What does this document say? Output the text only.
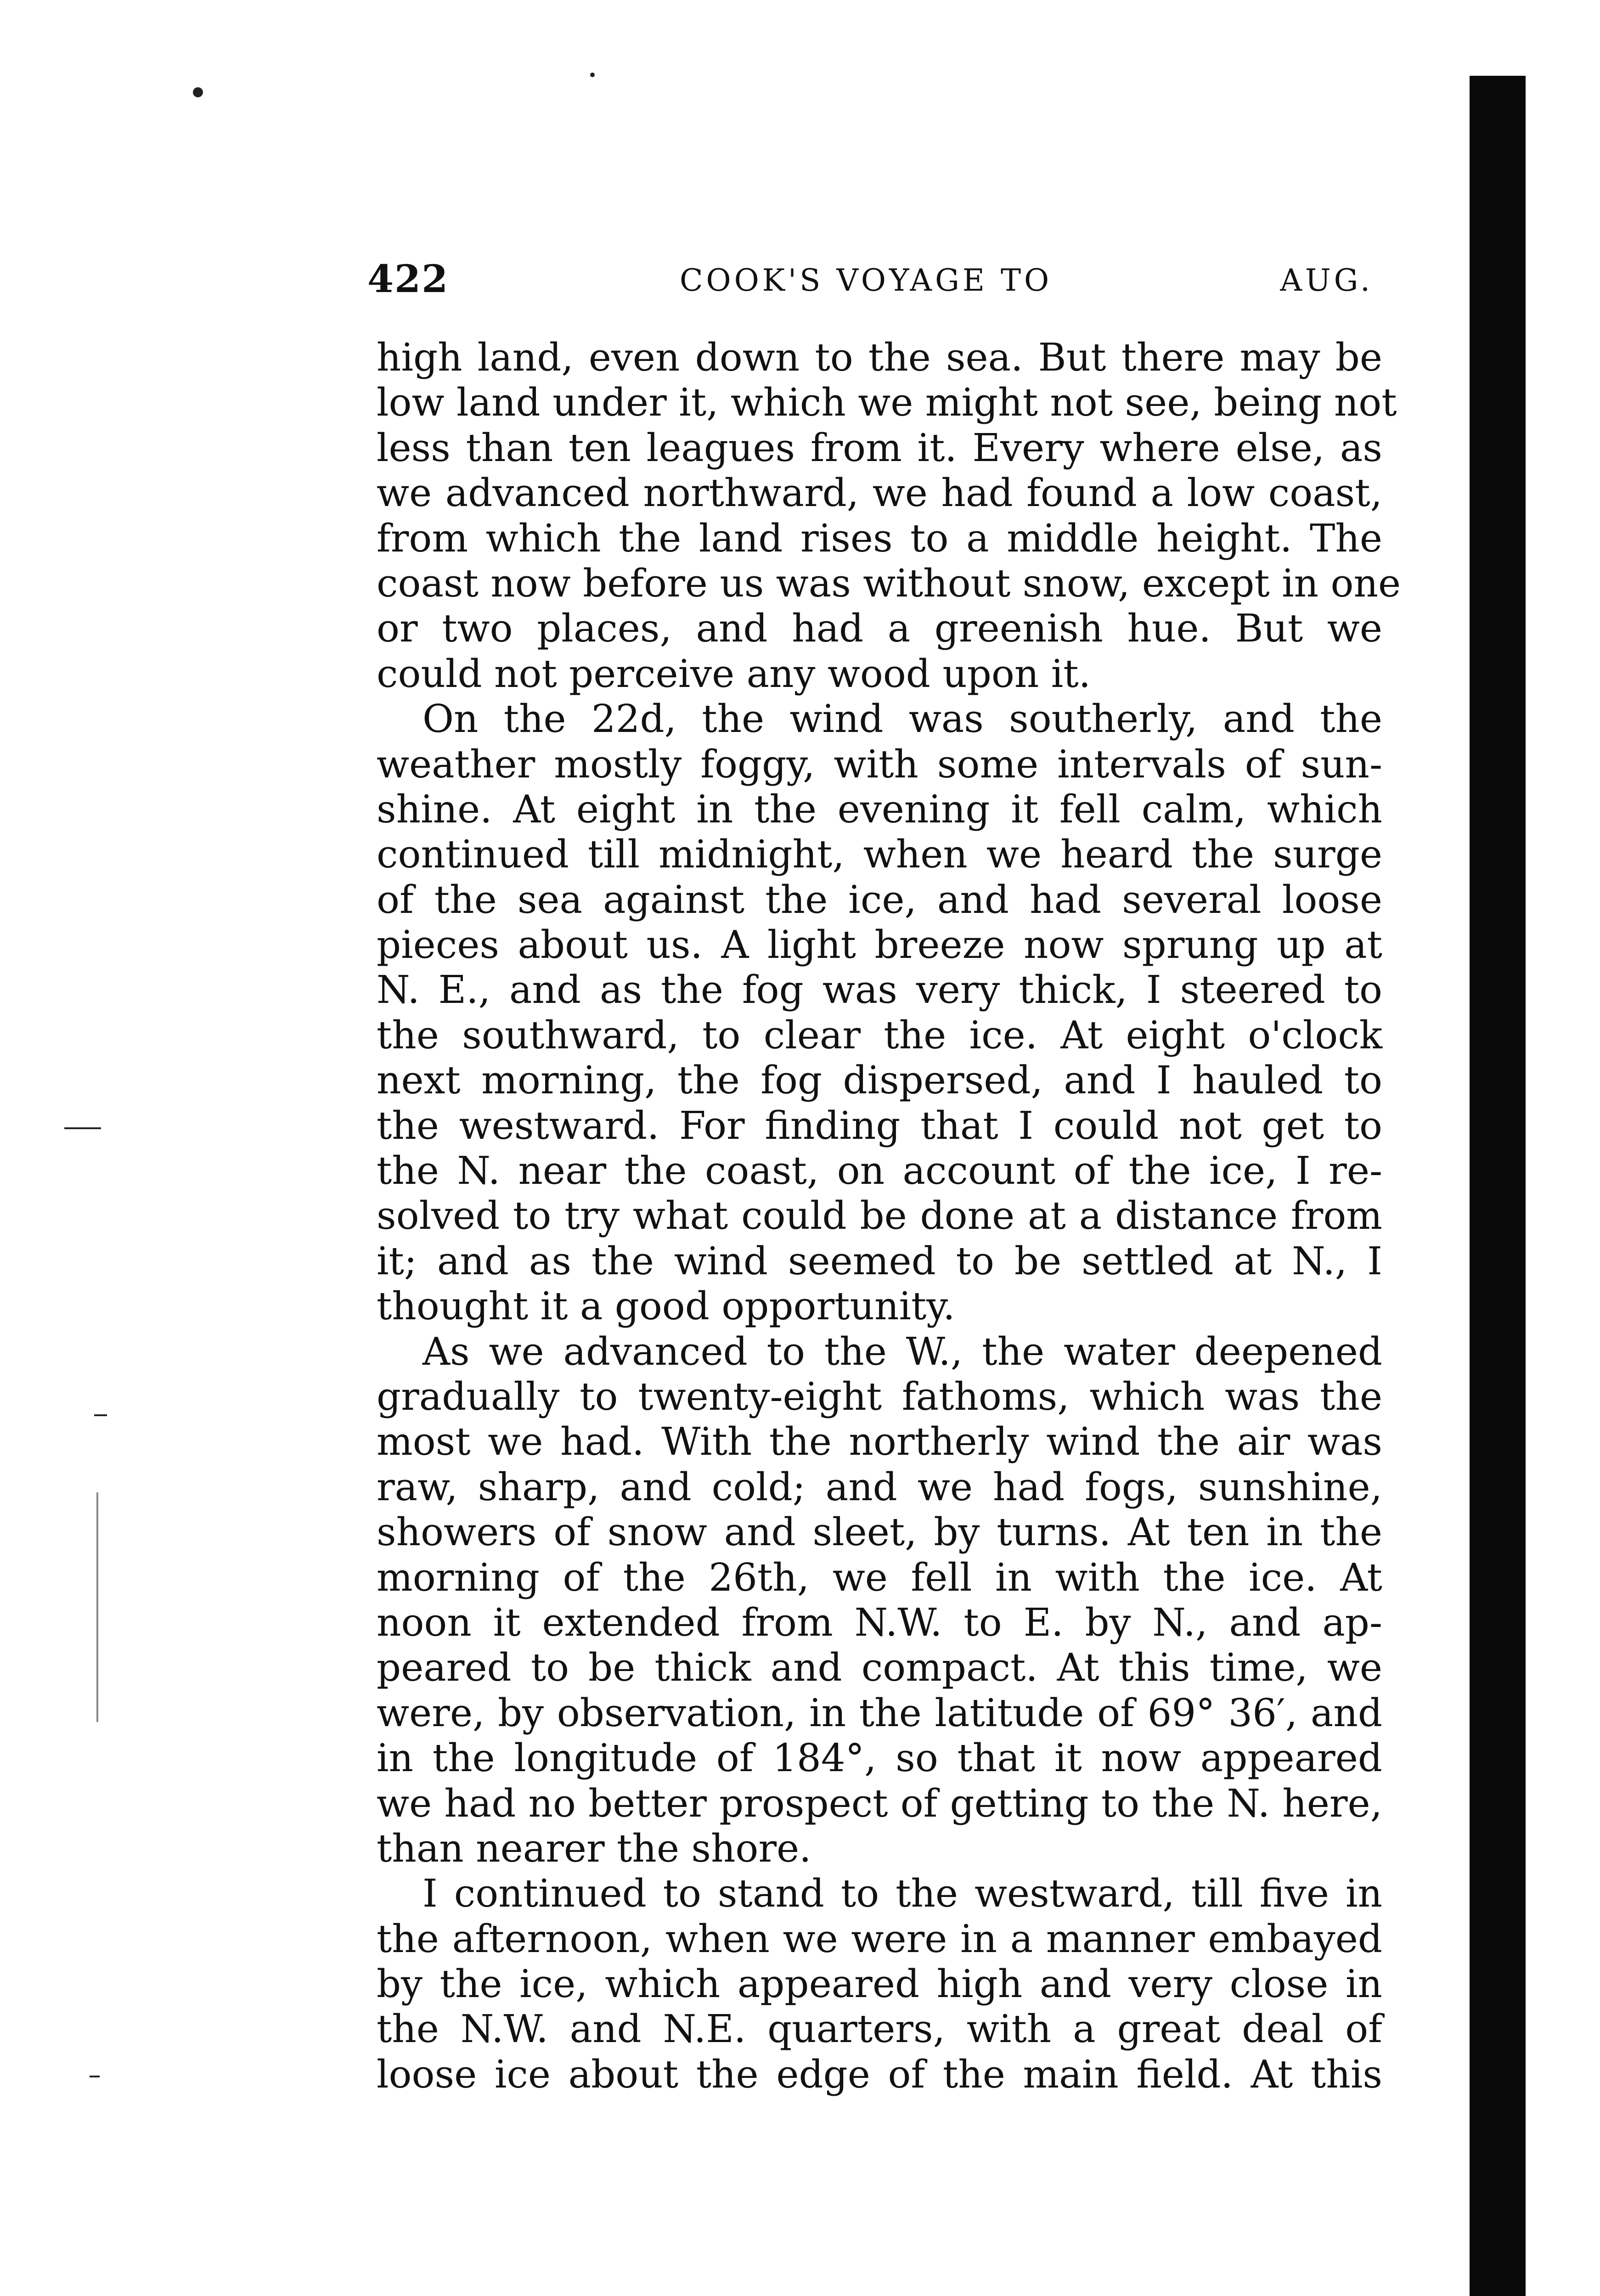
422	COOK'S VOYAGE TO	AUG.
high land, even down to the sea. But there may be
low land under it, which we might not see, being not
less than ten leagues from it. Every where else, as
we advanced northward, we had found a low coast,
from which the land rises to a middle height. The
coast now before us was without snow, except in one
or two places, and had a greenish hue. But we
could not perceive any wood upon it.
On the 22d, the wind was southerly, and the
weather mostly foggy, with some intervals of sun-
shine. At eight in the evening it fell calm, which
continued till midnight, when we heard the surge
of the sea against the ice, and had several loose
pieces about us. A light breeze now sprung up at
N. E., and as the fog was very thick, I steered to
the southward, to clear the ice. At eight o'clock
next morning, the fog dispersed, and I hauled to
the westward. For finding that I could not get to
the N. near the coast, on account of the ice, I re-
solved to try what could be done at a distance from
it; and as the wind seemed to be settled at N., I
thought it a good opportunity.
As we advanced to the W., the water deepened
gradually to twenty-eight fathoms, which was the
most we had. With the northerly wind the air was
raw, sharp, and cold; and we had fogs, sunshine,
showers of snow and sleet, by turns. At ten in the
morning of the 26th, we fell in with the ice. At
noon it extended from N.W. to E. by N., and ap-
peared to be thick and compact. At this time, we
were, by observation, in the latitude of 69° 36′, and
in the longitude of 184°, so that it now appeared
we had no better prospect of getting to the N. here,
than nearer the shore.
I continued to stand to the westward, till five in
the afternoon, when we were in a manner embayed
by the ice, which appeared high and very close in
the N.W. and N.E. quarters, with a great deal of
loose ice about the edge of the main field. At this
